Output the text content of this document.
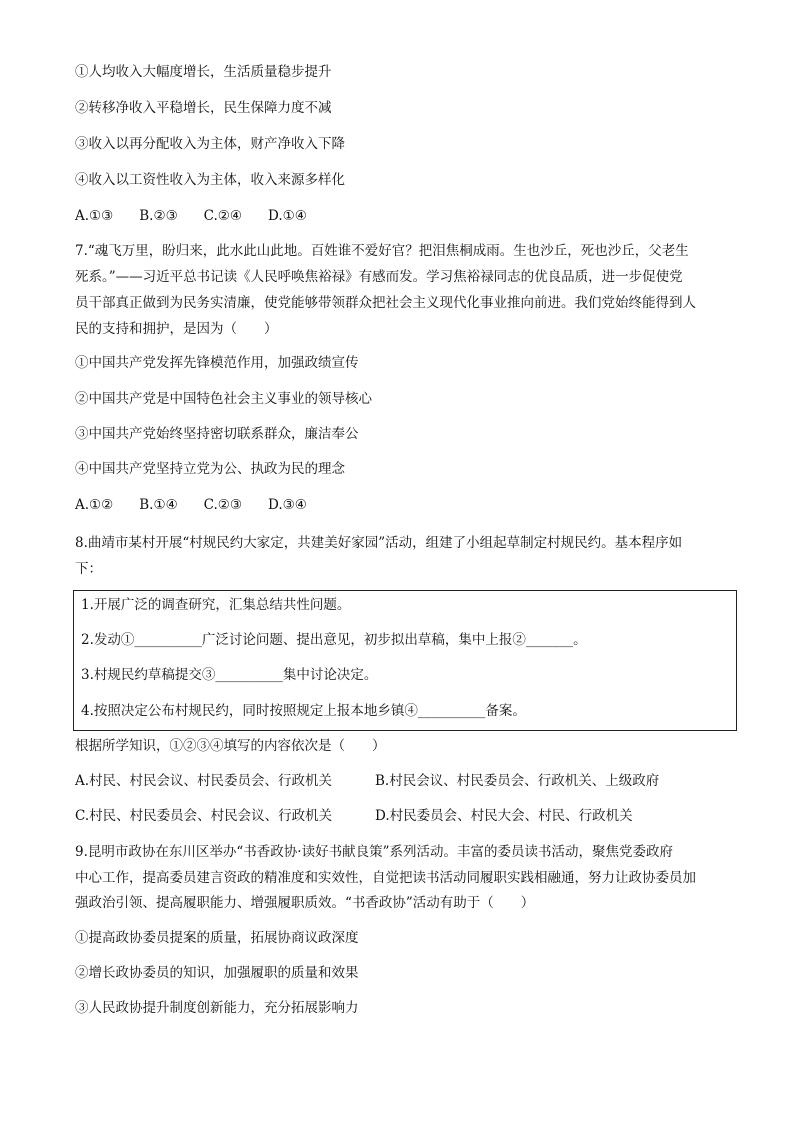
①人均收入大幅度增长，生活质量稳步提升
②转移净收入平稳增长，民生保障力度不减
③收入以再分配收入为主体，财产净收入下降
④收入以工资性收入为主体，收入来源多样化
A.①③ B.②③ C.②④ D.①④
7.“魂飞万里，盼归来，此水此山此地。百姓谁不爱好官？把泪焦桐成雨。生也沙丘，死也沙丘，父老生
死系。”——习近平总书记读《人民呼唤焦裕禄》有感而发。学习焦裕禄同志的优良品质，进一步促使党
员干部真正做到为民务实清廉，使党能够带领群众把社会主义现代化事业推向前进。我们党始终能得到人
民的支持和拥护，是因为（　　）
①中国共产党发挥先锋模范作用，加强政绩宣传
②中国共产党是中国特色社会主义事业的领导核心
③中国共产党始终坚持密切联系群众，廉洁奉公
④中国共产党坚持立党为公、执政为民的理念
A.①② B.①④ C.②③ D.③④
8.曲靖市某村开展“村规民约大家定，共建美好家园”活动，组建了小组起草制定村规民约。基本程序如
下：
1.开展广泛的调查研究，汇集总结共性问题。
2.发动①__________广泛讨论问题、提出意见，初步拟出草稿，集中上报②_______。
3.村规民约草稿提交③__________集中讨论决定。
4.按照决定公布村规民约，同时按照规定上报本地乡镇④__________备案。
根据所学知识，①②③④填写的内容依次是（　　）
A.村民、村民会议、村民委员会、行政机关	B.村民会议、村民委员会、行政机关、上级政府
C.村民、村民委员会、村民会议、行政机关	D.村民委员会、村民大会、村民、行政机关
9.昆明市政协在东川区举办“书香政协·读好书献良策”系列活动。丰富的委员读书活动，聚焦党委政府
中心工作，提高委员建言资政的精准度和实效性，自觉把读书活动同履职实践相融通，努力让政协委员加
强政治引领、提高履职能力、增强履职质效。“书香政协”活动有助于（　　）
①提高政协委员提案的质量，拓展协商议政深度
②增长政协委员的知识，加强履职的质量和效果
③人民政协提升制度创新能力，充分拓展影响力
